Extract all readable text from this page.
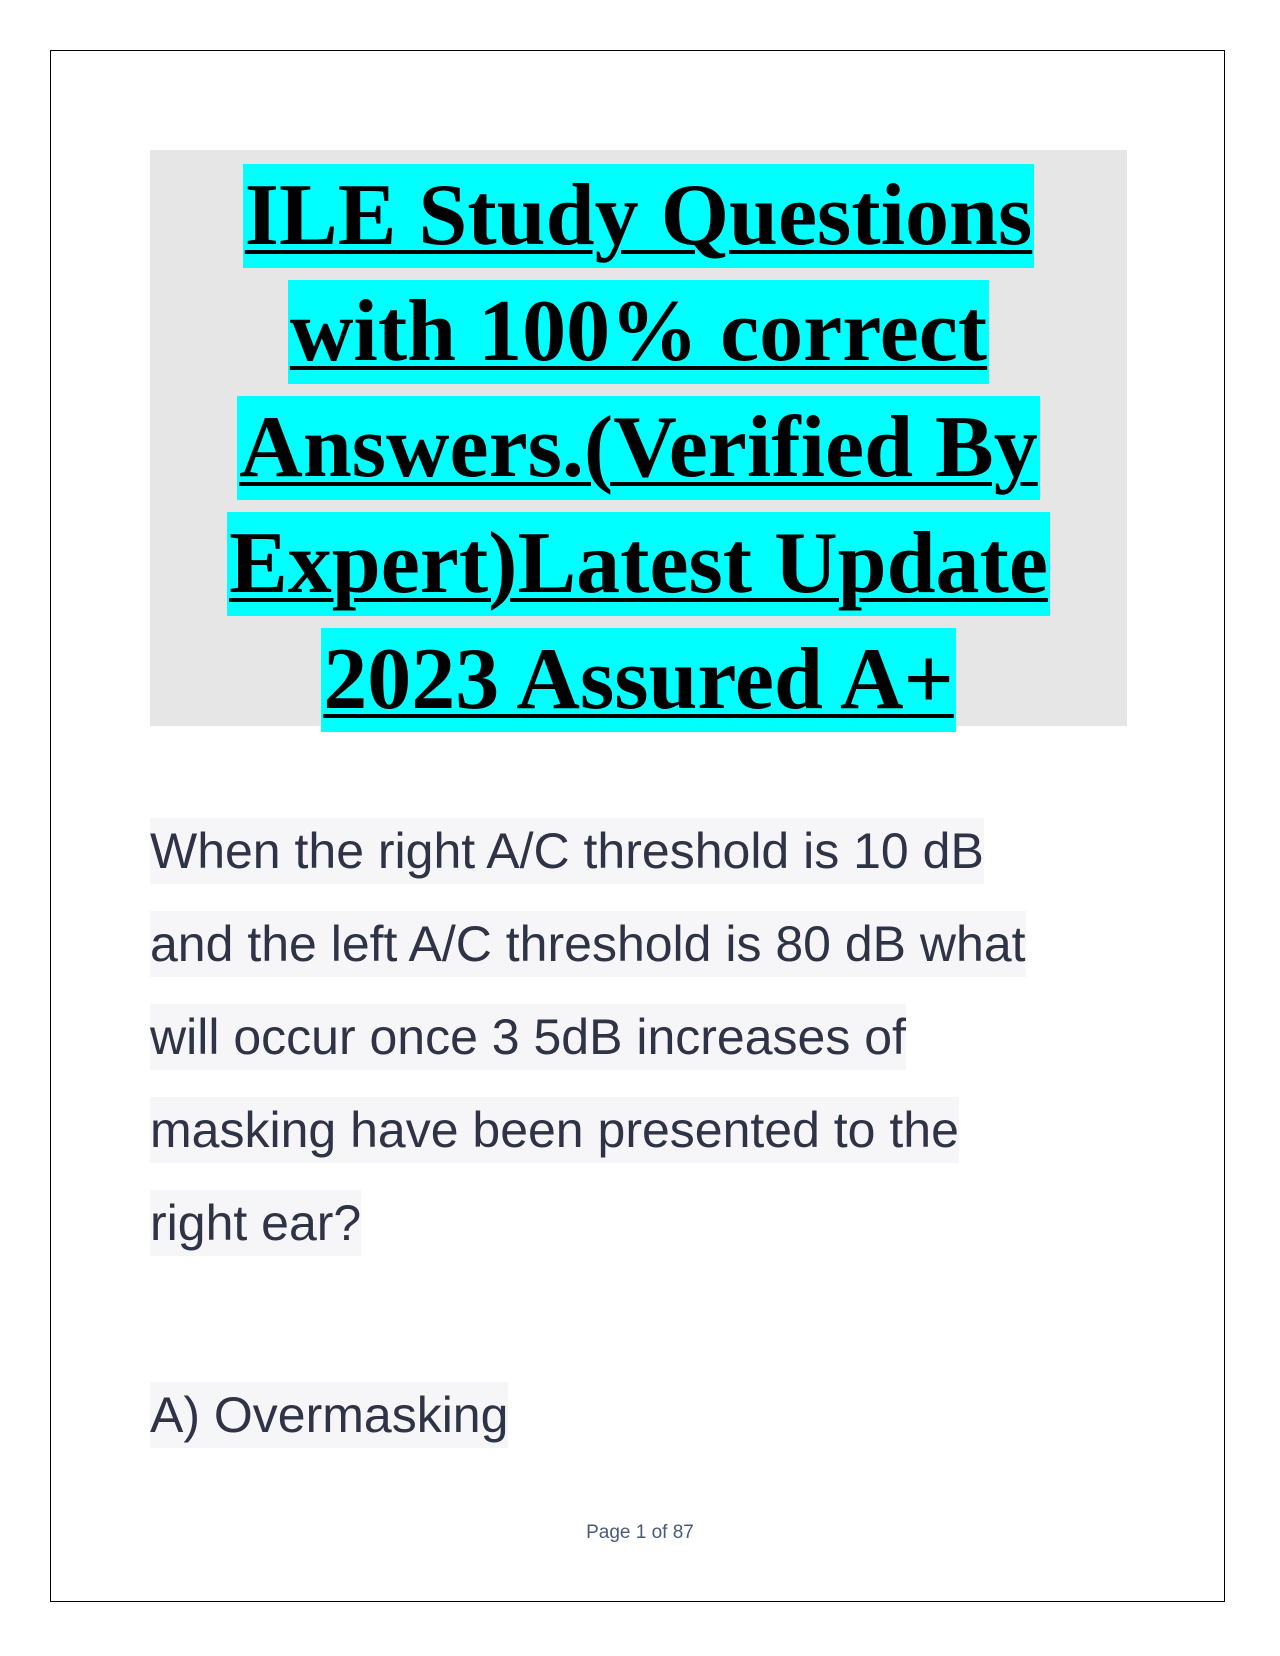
ILE Study Questions
with 100% correct
Answers.(Verified By
Expert)Latest Update
2023 Assured A+
When the right A/C threshold is 10 dB
and the left A/C threshold is 80 dB what
will occur once 3 5dB increases of
masking have been presented to the
right ear?
A) Overmasking
Page 1 of 87
